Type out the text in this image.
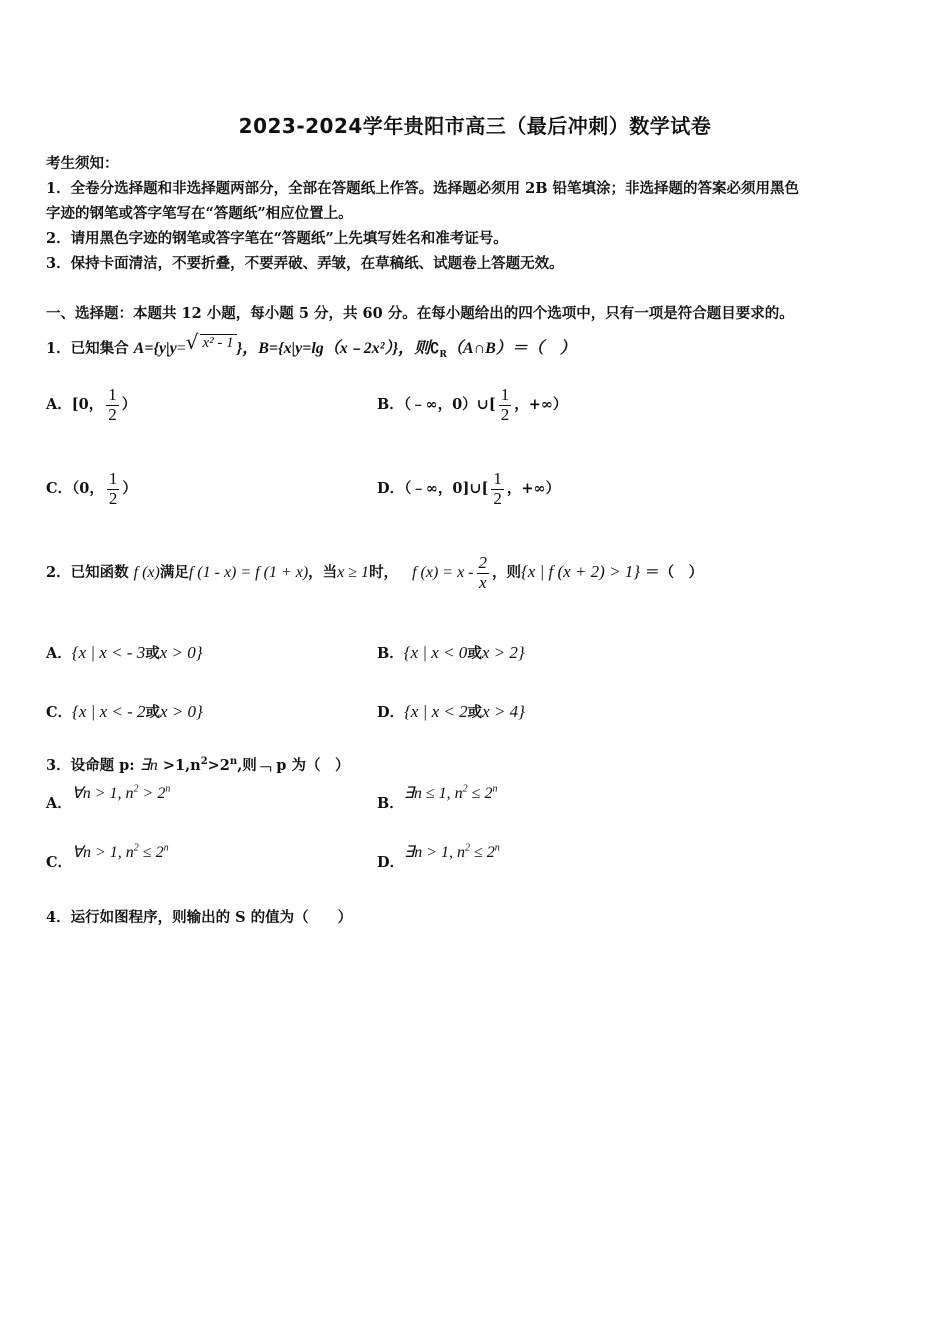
2023-2024学年贵阳市高三（最后冲刺）数学试卷
考生须知：
1．全卷分选择题和非选择题两部分，全部在答题纸上作答。选择题必须用 2B 铅笔填涂；非选择题的答案必须用黑色
字迹的钢笔或答字笔写在“答题纸”相应位置上。
2．请用黑色字迹的钢笔或答字笔在“答题纸”上先填写姓名和准考证号。
3．保持卡面清洁，不要折叠，不要弄破、弄皱，在草稿纸、试题卷上答题无效。
一、选择题：本题共 12 小题，每小题 5 分，共 60 分。在每小题给出的四个选项中，只有一项是符合题目要求的。
1．已知集合 A={y|y=√ x² - 1 }，B={x|y=lg（x﹣2x²）}，则$∁_R(A\cap B)=$（　）
A．[0， $\frac{1}{2}$ ）	B．（﹣∞，0）∪[ $\frac{1}{2}$ ，+∞）
C．（0， $\frac{1}{2}$ ）	D．（﹣∞，0]∪[ $\frac{1}{2}$ ，+∞）
2．已知函数 f (x)满足f (1 - x) = f (1 + x)，当x ≥ 1时， f $(x) = x - \frac{2}{x}$ ，则{x | f (x + 2) > 1} ＝（　）
A．{x | x < - 3或x > 0}	B．{x | x < 0或x > 2}
C．{x | x < - 2或x > 0}	D．{x | x < 2或x > 4}
3．设命题 p: ∃n $>1,n^2>2^n$,则﹁ p 为（　）
A．∀n > 1, $n^2 > 2^n$
B．∃n ≤ 1, $n^2 \le 2^n$
C．∀n > 1, $n^2 \le 2^n$
D．∃n > 1, $n^2 \le 2^n$
4．运行如图程序，则输出的 S 的值为（　　）
